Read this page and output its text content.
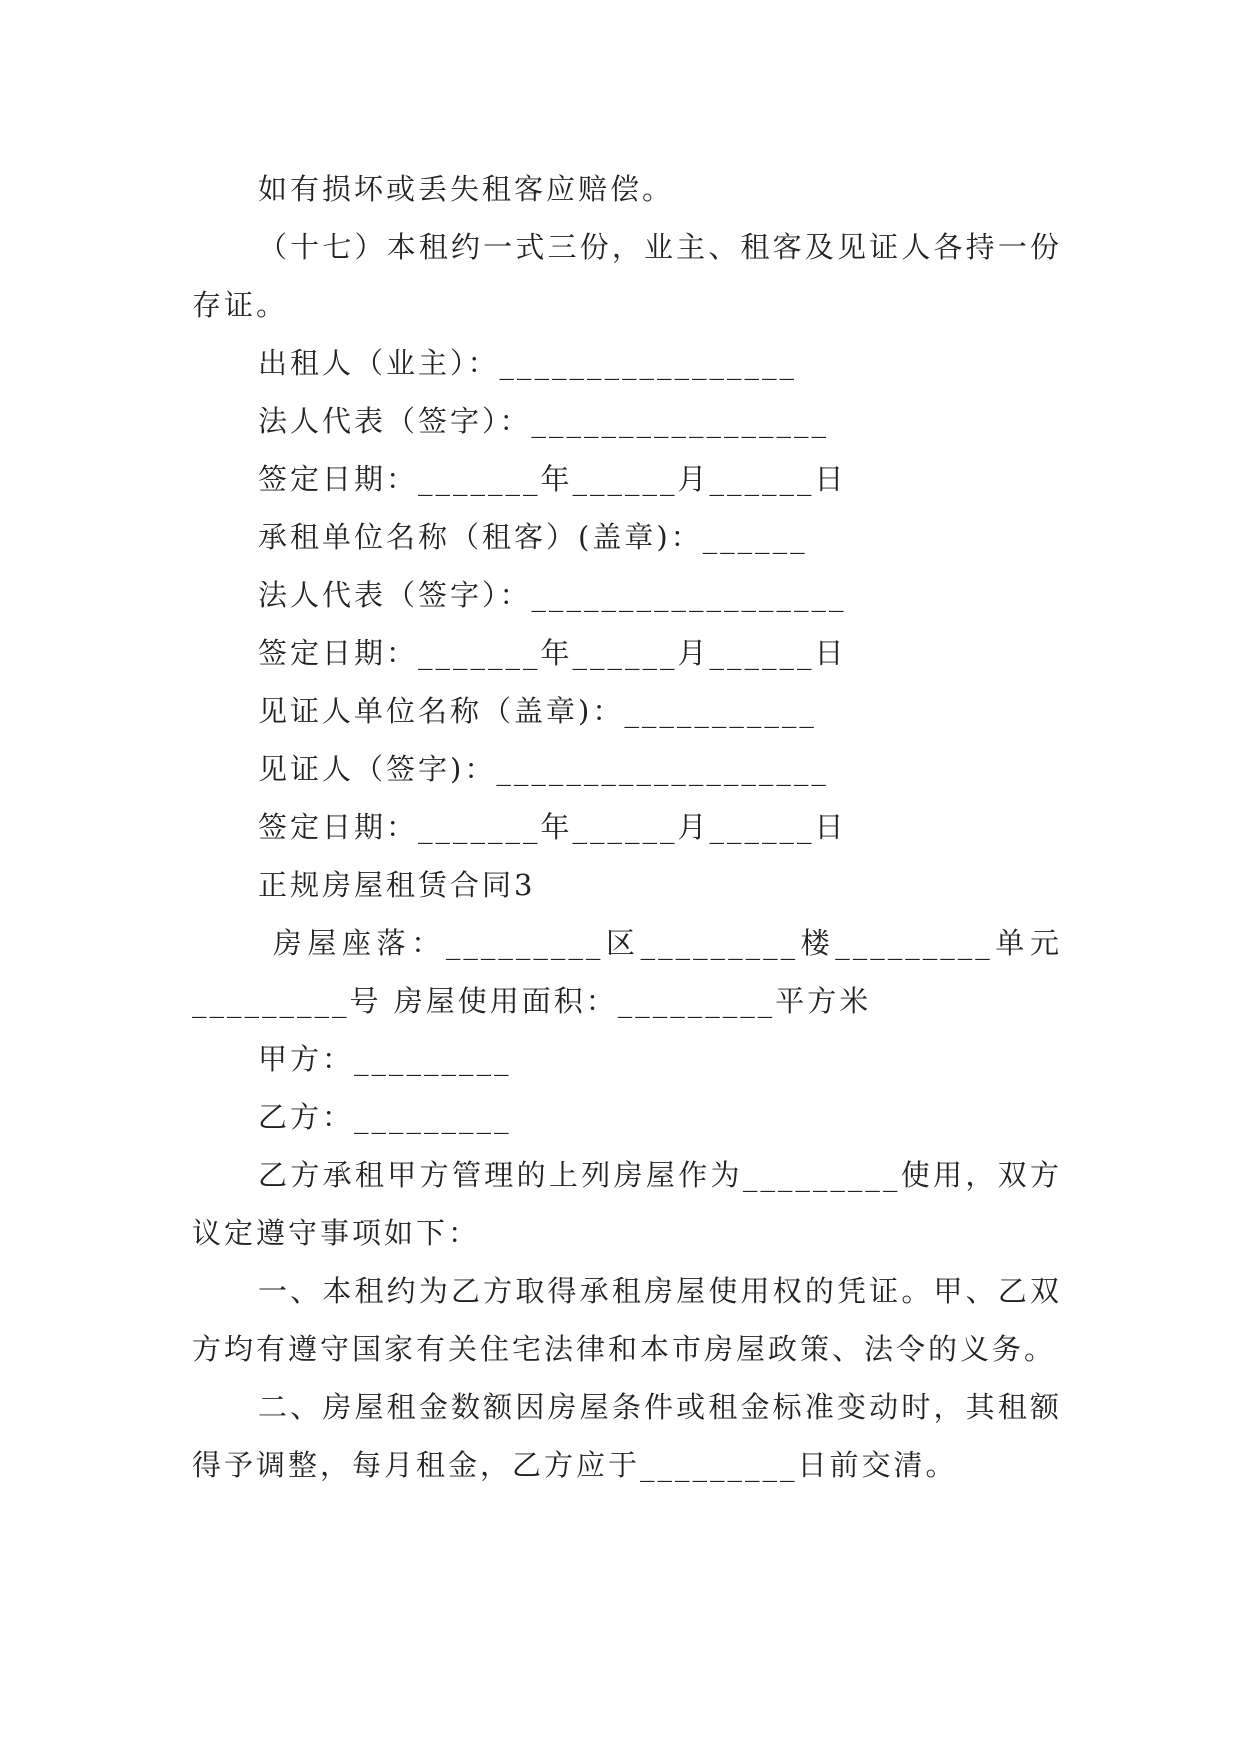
如有损坏或丢失租客应赔偿。

（十七）本租约一式三份，业主、租客及见证人各持一份存证。

出租人（业主）：_________________

法人代表（签字）：_________________

签定日期：_______年______月______日

承租单位名称（租客）(盖章)：______

法人代表（签字）：__________________

签定日期：_______年______月______日

见证人单位名称（盖章)：___________

见证人（签字)：___________________

签定日期：_______年______月______日

正规房屋租赁合同3

房屋座落：_________区_________楼_________单元_________号 房屋使用面积：_________平方米

甲方：_________

乙方：_________

乙方承租甲方管理的上列房屋作为_________使用，双方议定遵守事项如下：

一、本租约为乙方取得承租房屋使用权的凭证。甲、乙双方均有遵守国家有关住宅法律和本市房屋政策、法令的义务。

二、房屋租金数额因房屋条件或租金标准变动时，其租额得予调整，每月租金，乙方应于_________日前交清。
